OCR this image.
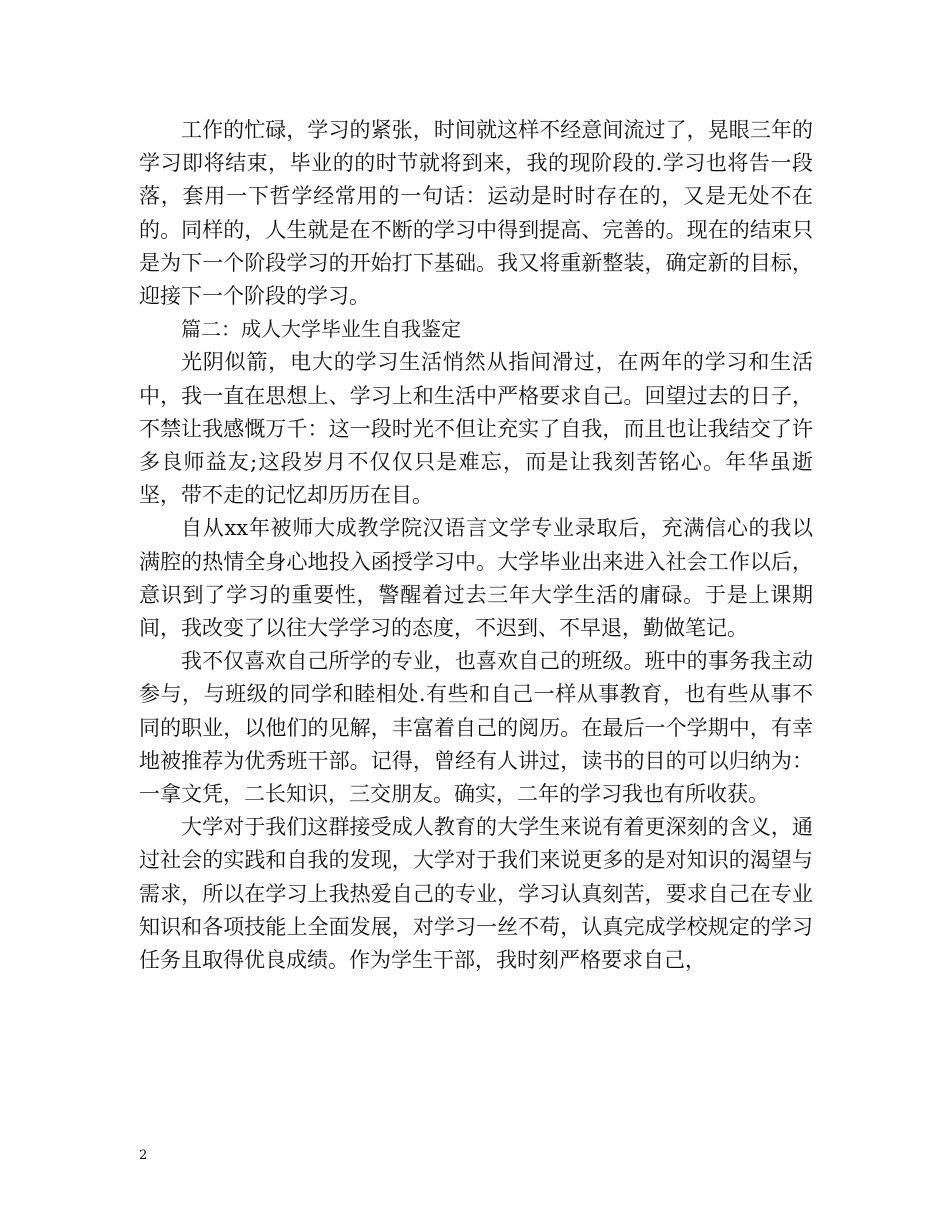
工作的忙碌，学习的紧张，时间就这样不经意间流过了，晃眼三年的学习即将结束，毕业的的时节就将到来，我的现阶段的.学习也将告一段落，套用一下哲学经常用的一句话：运动是时时存在的，又是无处不在的。同样的，人生就是在不断的学习中得到提高、完善的。现在的结束只是为下一个阶段学习的开始打下基础。我又将重新整装，确定新的目标，迎接下一个阶段的学习。

篇二：成人大学毕业生自我鉴定

光阴似箭，电大的学习生活悄然从指间滑过，在两年的学习和生活中，我一直在思想上、学习上和生活中严格要求自己。回望过去的日子，不禁让我感慨万千：这一段时光不但让充实了自我，而且也让我结交了许多良师益友;这段岁月不仅仅只是难忘，而是让我刻苦铭心。年华虽逝坚，带不走的记忆却历历在目。

自从xx年被师大成教学院汉语言文学专业录取后，充满信心的我以满腔的热情全身心地投入函授学习中。大学毕业出来进入社会工作以后，意识到了学习的重要性，警醒着过去三年大学生活的庸碌。于是上课期间，我改变了以往大学学习的态度，不迟到、不早退，勤做笔记。

我不仅喜欢自己所学的专业，也喜欢自己的班级。班中的事务我主动参与，与班级的同学和睦相处.有些和自己一样从事教育，也有些从事不同的职业，以他们的见解，丰富着自己的阅历。在最后一个学期中，有幸地被推荐为优秀班干部。记得，曾经有人讲过，读书的目的可以归纳为：一拿文凭，二长知识，三交朋友。确实，二年的学习我也有所收获。

大学对于我们这群接受成人教育的大学生来说有着更深刻的含义，通过社会的实践和自我的发现，大学对于我们来说更多的是对知识的渴望与需求，所以在学习上我热爱自己的专业，学习认真刻苦，要求自己在专业知识和各项技能上全面发展，对学习一丝不苟，认真完成学校规定的学习任务且取得优良成绩。作为学生干部，我时刻严格要求自己，

2
